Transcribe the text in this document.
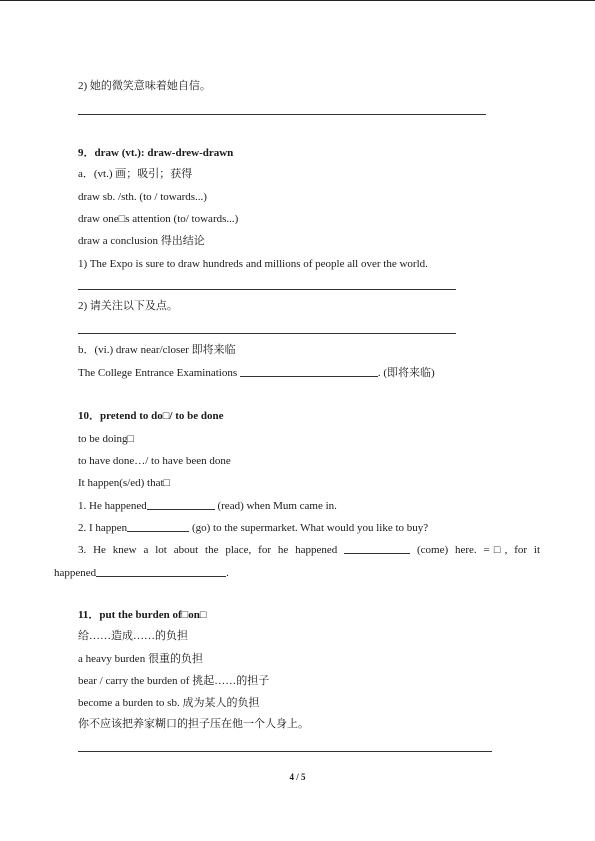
2) 她的微笑意味着她自信。
9．draw (vt.): draw-drew-drawn
a．(vt.) 画；吸引；获得
draw sb. /sth. (to / towards...)
draw one□s attention (to/ towards...)
draw a conclusion 得出结论
1) The Expo is sure to draw hundreds and millions of people all over the world.
2) 请关注以下及点。
b．(vi.) draw near/closer 即将来临
The College Entrance Examinations	. (即将来临)
10．pretend to do□/ to be done
to be doing□
to have done…/ to have been done
It happen(s/ed) that□
1. He happened	(read) when Mum came in.
2. I happen	(go) to the supermarket. What would you like to buy?
3. He knew a lot about the place, for he happened	(come) here. =□, for it
happened	.
11．put the burden of□on□
给……造成……的负担
a heavy burden 很重的负担
bear / carry the burden of 挑起……的担子
become a burden to sb. 成为某人的负担
你不应该把养家糊口的担子压在他一个人身上。
4 / 5
